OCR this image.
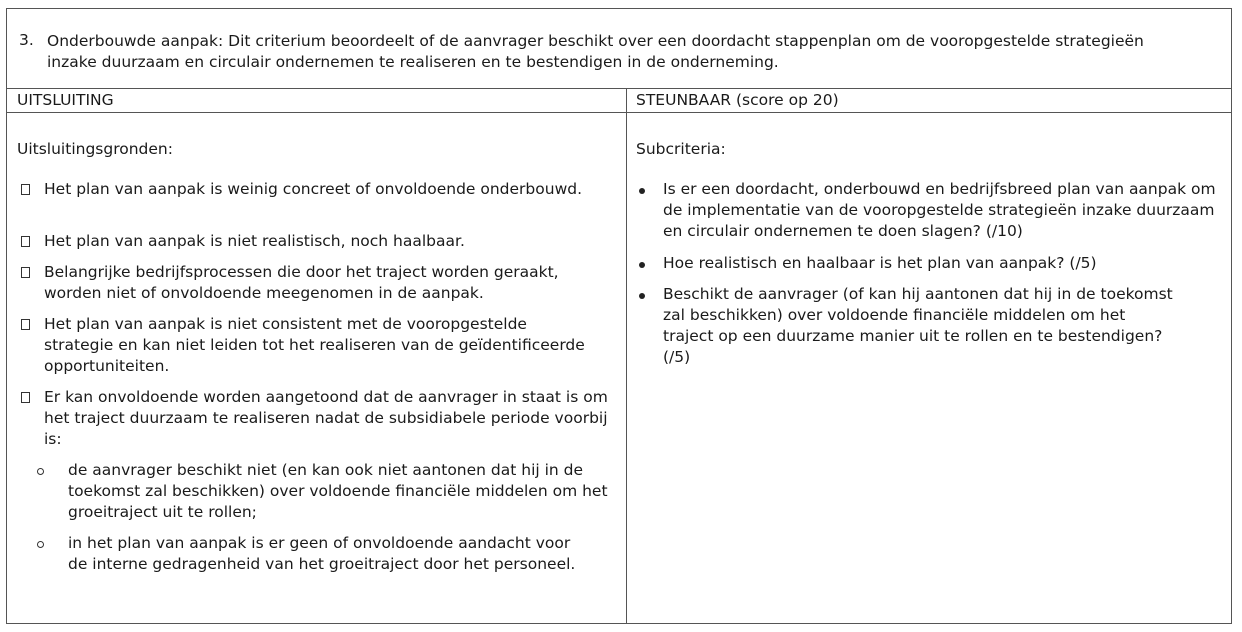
3. Onderbouwde aanpak: Dit criterium beoordeelt of de aanvrager beschikt over een doordacht stappenplan om de vooropgestelde strategieën inzake duurzaam en circulair ondernemen te realiseren en te bestendigen in de onderneming.
UITSLUITING	STEUNBAAR (score op 20)
Uitsluitingsgronden:
Het plan van aanpak is weinig concreet of onvoldoende onderbouwd.
Het plan van aanpak is niet realistisch, noch haalbaar.
Belangrijke bedrijfsprocessen die door het traject worden geraakt, worden niet of onvoldoende meegenomen in de aanpak.
Het plan van aanpak is niet consistent met de vooropgestelde strategie en kan niet leiden tot het realiseren van de geïdentificeerde opportuniteiten.
Er kan onvoldoende worden aangetoond dat de aanvrager in staat is om het traject duurzaam te realiseren nadat de subsidiabele periode voorbij is:
de aanvrager beschikt niet (en kan ook niet aantonen dat hij in de toekomst zal beschikken) over voldoende financiële middelen om het groeitraject uit te rollen;
in het plan van aanpak is er geen of onvoldoende aandacht voor de interne gedragenheid van het groeitraject door het personeel.
Subcriteria:
Is er een doordacht, onderbouwd en bedrijfsbreed plan van aanpak om de implementatie van de vooropgestelde strategieën inzake duurzaam en circulair ondernemen te doen slagen? (/10)
Hoe realistisch en haalbaar is het plan van aanpak? (/5)
Beschikt de aanvrager (of kan hij aantonen dat hij in de toekomst zal beschikken) over voldoende financiële middelen om het traject op een duurzame manier uit te rollen en te bestendigen? (/5)
